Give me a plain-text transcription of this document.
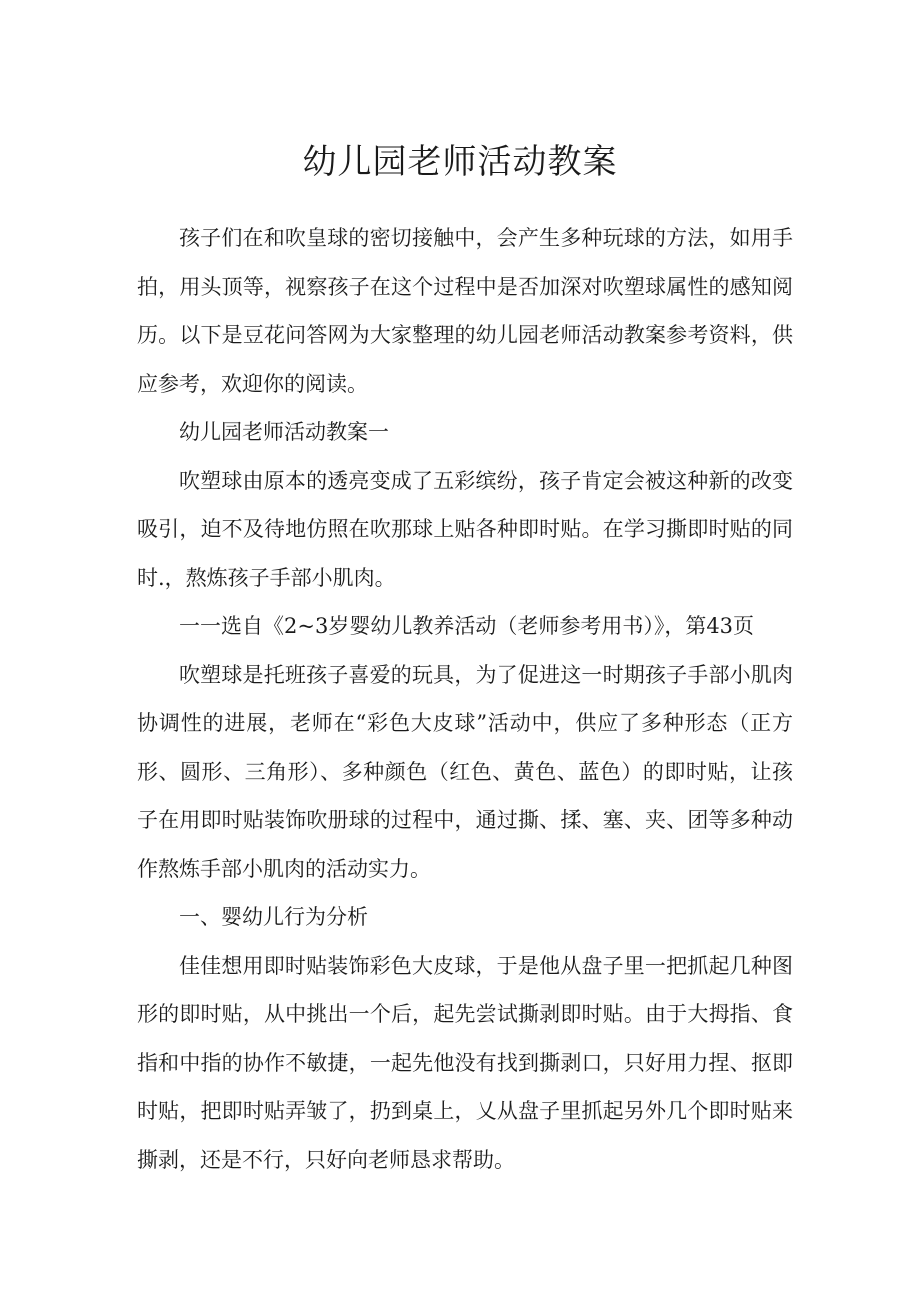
幼儿园老师活动教案

孩子们在和吹皇球的密切接触中，会产生多种玩球的方法，如用手拍，用头顶等，视察孩子在这个过程中是否加深对吹塑球属性的感知阅历。以下是豆花问答网为大家整理的幼儿园老师活动教案参考资料，供应参考，欢迎你的阅读。

幼儿园老师活动教案一

吹塑球由原本的透亮变成了五彩缤纷，孩子肯定会被这种新的改变吸引，迫不及待地仿照在吹那球上贴各种即时贴。在学习撕即时贴的同时.，熬炼孩子手部小肌肉。

一一选自《2~3岁婴幼儿教养活动（老师参考用书）》，第43页

吹塑球是托班孩子喜爱的玩具，为了促进这一时期孩子手部小肌肉协调性的进展，老师在“彩色大皮球”活动中，供应了多种形态（正方形、圆形、三角形）、多种颜色（红色、黄色、蓝色）的即时贴，让孩子在用即时贴装饰吹册球的过程中，通过撕、揉、塞、夹、团等多种动作熬炼手部小肌肉的活动实力。

一、婴幼儿行为分析

佳佳想用即时贴装饰彩色大皮球，于是他从盘子里一把抓起几种图形的即时贴，从中挑出一个后，起先尝试撕剥即时贴。由于大拇指、食指和中指的协作不敏捷，一起先他没有找到撕剥口，只好用力捏、抠即时贴，把即时贴弄皱了，扔到桌上，乂从盘子里抓起另外几个即时贴来撕剥，还是不行，只好向老师恳求帮助。
